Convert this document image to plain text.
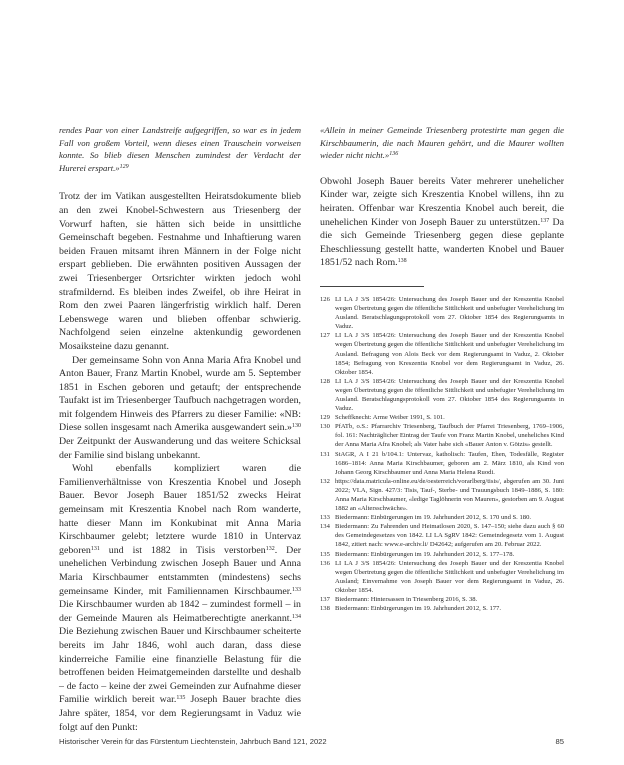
rendes Paar von einer Landstreife aufgegriffen, so war es in jedem Fall von großem Vorteil, wenn dieses einen Trauschein vorweisen konnte. So blieb diesen Menschen zumindest der Verdacht der Hurerei erspart.»$^{129}$

Trotz der im Vatikan ausgestellten Heiratsdokumente blieb an den zwei Knobel-Schwestern aus Triesenberg der Vorwurf haften, sie hätten sich beide in unsittliche Gemeinschaft begeben. Festnahme und Inhaftierung waren beiden Frauen mitsamt ihren Männern in der Folge nicht erspart geblieben. Die erwähnten positiven Aussagen der zwei Triesenberger Ortsrichter wirkten jedoch wohl strafmildernd. Es bleiben indes Zweifel, ob ihre Heirat in Rom den zwei Paaren längerfristig wirklich half. Deren Lebenswege waren und blieben offenbar schwierig. Nachfolgend seien einzelne aktenkundig gewordenen Mosaiksteine dazu genannt.

Der gemeinsame Sohn von Anna Maria Afra Knobel und Anton Bauer, Franz Martin Knobel, wurde am 5. September 1851 in Eschen geboren und getauft; der entsprechende Taufakt ist im Triesenberger Taufbuch nachgetragen worden, mit folgendem Hinweis des Pfarrers zu dieser Familie: «NB: Diese sollen insgesamt nach Amerika ausgewandert sein.»$^{130}$ Der Zeitpunkt der Auswanderung und das weitere Schicksal der Familie sind bislang unbekannt.

Wohl ebenfalls kompliziert waren die Familienverhältnisse von Kreszentia Knobel und Joseph Bauer. Bevor Joseph Bauer 1851/52 zwecks Heirat gemeinsam mit Kreszentia Knobel nach Rom wanderte, hatte dieser Mann im Konkubinat mit Anna Maria Kirschbaumer gelebt; letztere wurde 1810 in Untervaz geboren$^{131}$ und ist 1882 in Tisis verstorben$^{132}$. Der unehelichen Verbindung zwischen Joseph Bauer und Anna Maria Kirschbaumer entstammten (mindestens) sechs gemeinsame Kinder, mit Familiennamen Kirschbaumer.$^{133}$ Die Kirschbaumer wurden ab 1842 – zumindest formell – in der Gemeinde Mauren als Heimatberechtigte anerkannt.$^{134}$ Die Beziehung zwischen Bauer und Kirschbaumer scheiterte bereits im Jahr 1846, wohl auch daran, dass diese kinderreiche Familie eine finanzielle Belastung für die betroffenen beiden Heimatgemeinden darstellte und deshalb – de facto – keine der zwei Gemeinden zur Aufnahme dieser Familie wirklich bereit war.$^{135}$ Joseph Bauer brachte dies Jahre später, 1854, vor dem Regierungsamt in Vaduz wie folgt auf den Punkt:

«Allein in meiner Gemeinde Triesenberg protestirte man gegen die Kirschbaumerin, die nach Mauren gehört, und die Maurer wollten wieder nicht nicht.»$^{136}$

Obwohl Joseph Bauer bereits Vater mehrerer unehelicher Kinder war, zeigte sich Kreszentia Knobel willens, ihn zu heiraten. Offenbar war Kreszentia Knobel auch bereit, die unehelichen Kinder von Joseph Bauer zu unterstützen.$^{137}$ Da die sich Gemeinde Triesenberg gegen diese geplante Eheschliessung gestellt hatte, wanderten Knobel und Bauer 1851/52 nach Rom.$^{138}$

126 LI LA J 3/S 1854/26: Untersuchung des Joseph Bauer und der Kreszentia Knobel wegen Übertretung gegen die öffentliche Sittlichkeit und unbefugter Verehelichung im Ausland. Beratschlagungsprotokoll vom 27. Oktober 1854 des Regierungsamts in Vaduz.
127 LI LA J 3/S 1854/26: Untersuchung des Joseph Bauer und der Kreszentia Knobel wegen Übertretung gegen die öffentliche Sittlichkeit und unbefugter Verehelichung im Ausland. Befragung von Alois Beck vor dem Regierungsamt in Vaduz, 2. Oktober 1854; Befragung von Kreszentia Knobel vor dem Regierungsamt in Vaduz, 26. Oktober 1854.
128 LI LA J 3/S 1854/26: Untersuchung des Joseph Bauer und der Kreszentia Knobel wegen Übertretung gegen die öffentliche Sittlichkeit und unbefugter Verehelichung im Ausland. Beratschlagungsprotokoll vom 27. Oktober 1854 des Regierungsamts in Vaduz.
129 Scheffknecht: Arme Weiber 1991, S. 101.
130 PfATb, o.S.: Pfarrarchiv Triesenberg, Taufbuch der Pfarrei Triesenberg, 1769–1906, fol. 161: Nachträglicher Eintrag der Taufe von Franz Martin Knobel, uneheliches Kind der Anna Maria Afra Knobel; als Vater habe sich «Bauer Anton v. Götzis» gestellt.
131 StAGR, A I 21 b/104.1: Untervaz, katholisch: Taufen, Ehen, Todesfälle, Register 1686–1814: Anna Maria Kirschbaumer, geboren am 2. März 1810, als Kind von Johann Georg Kirschbaumer und Anna Maria Helena Ruodi.
132 https://data.matricula-online.eu/de/oesterreich/vorarlberg/tisis/, abgerufen am 30. Juni 2022; VLA, Sign. 427/3: Tisis, Tauf-, Sterbe- und Trauungsbuch 1849–1886, S. 180: Anna Maria Kirschbaumer, «ledige Taglöhnerin von Mauren», gestorben am 9. August 1882 an «Altersschwäche».
133 Biedermann: Einbürgerungen im 19. Jahrhundert 2012, S. 170 und S. 180.
134 Biedermann: Zu Fahrenden und Heimatlosen 2020, S. 147–150; siehe dazu auch § 60 des Gemeindegesetzes von 1842. LI LA SgRV 1842: Gemeindegesetz vom 1. August 1842, zitiert nach: www.e-archiv.li/ D42642; aufgerufen am 20. Februar 2022.
135 Biedermann: Einbürgerungen im 19. Jahrhundert 2012, S. 177–178.
136 LI LA J 3/S 1854/26: Untersuchung des Joseph Bauer und der Kreszentia Knobel wegen Übertretung gegen die öffentliche Sittlichkeit und unbefugter Verehelichung im Ausland; Einvernahme von Joseph Bauer vor dem Regierungsamt in Vaduz, 26. Oktober 1854.
137 Biedermann: Hintersassen in Triesenberg 2016, S. 38.
138 Biedermann: Einbürgerungen im 19. Jahrhundert 2012, S. 177.
Historischer Verein für das Fürstentum Liechtenstein, Jahrbuch Band 121, 2022	85
